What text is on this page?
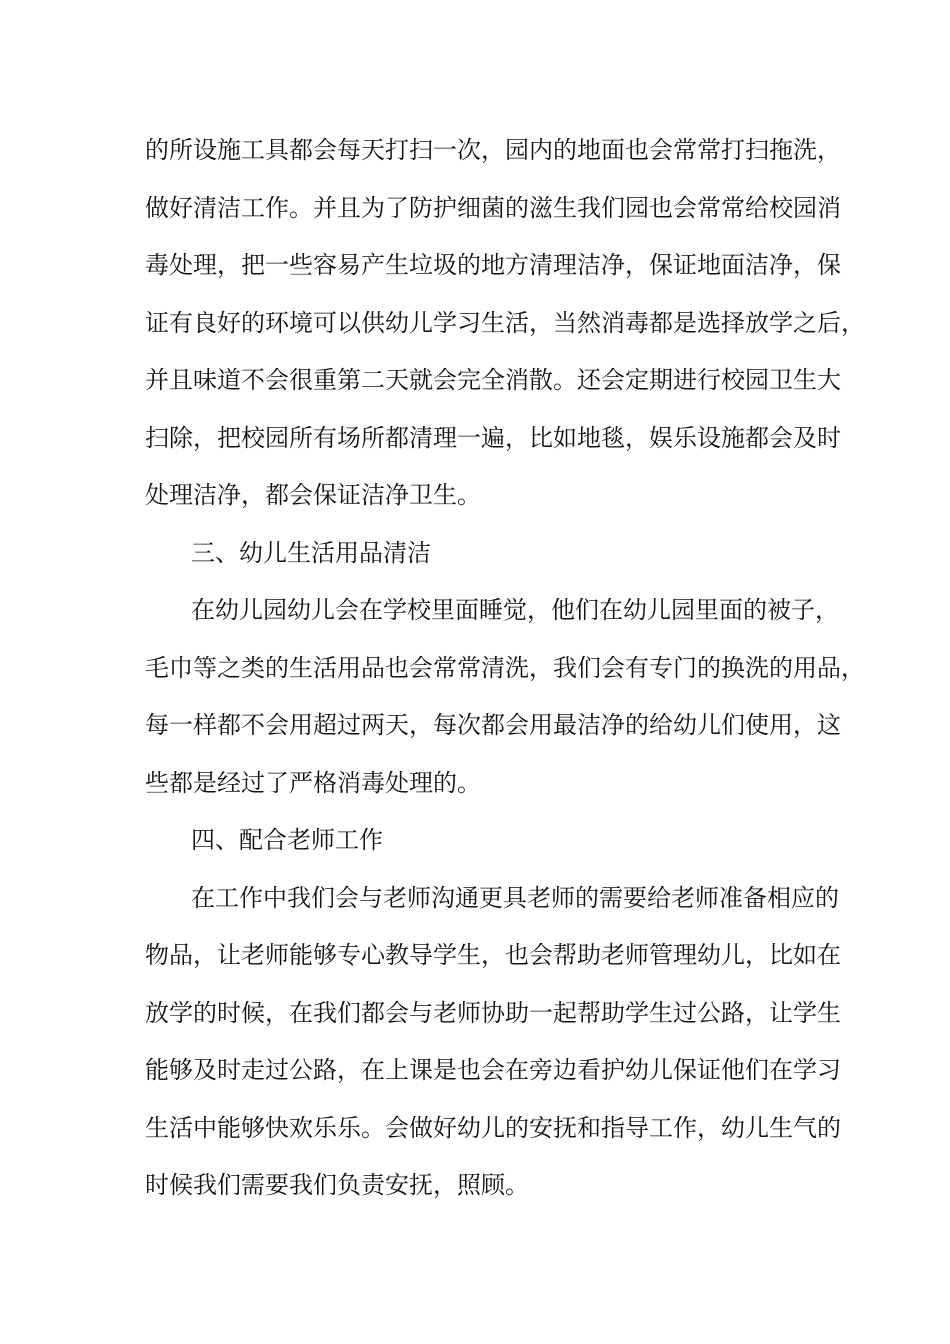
的所设施工具都会每天打扫一次，园内的地面也会常常打扫拖洗，
做好清洁工作。并且为了防护细菌的滋生我们园也会常常给校园消
毒处理，把一些容易产生垃圾的地方清理洁净，保证地面洁净，保
证有良好的环境可以供幼儿学习生活，当然消毒都是选择放学之后，
并且味道不会很重第二天就会完全消散。还会定期进行校园卫生大
扫除，把校园所有场所都清理一遍，比如地毯，娱乐设施都会及时
处理洁净，都会保证洁净卫生。
三、幼儿生活用品清洁
在幼儿园幼儿会在学校里面睡觉，他们在幼儿园里面的被子，
毛巾等之类的生活用品也会常常清洗，我们会有专门的换洗的用品，
每一样都不会用超过两天，每次都会用最洁净的给幼儿们使用，这
些都是经过了严格消毒处理的。
四、配合老师工作
在工作中我们会与老师沟通更具老师的需要给老师准备相应的
物品，让老师能够专心教导学生，也会帮助老师管理幼儿，比如在
放学的时候，在我们都会与老师协助一起帮助学生过公路，让学生
能够及时走过公路，在上课是也会在旁边看护幼儿保证他们在学习
生活中能够快欢乐乐。会做好幼儿的安抚和指导工作，幼儿生气的
时候我们需要我们负责安抚，照顾。
